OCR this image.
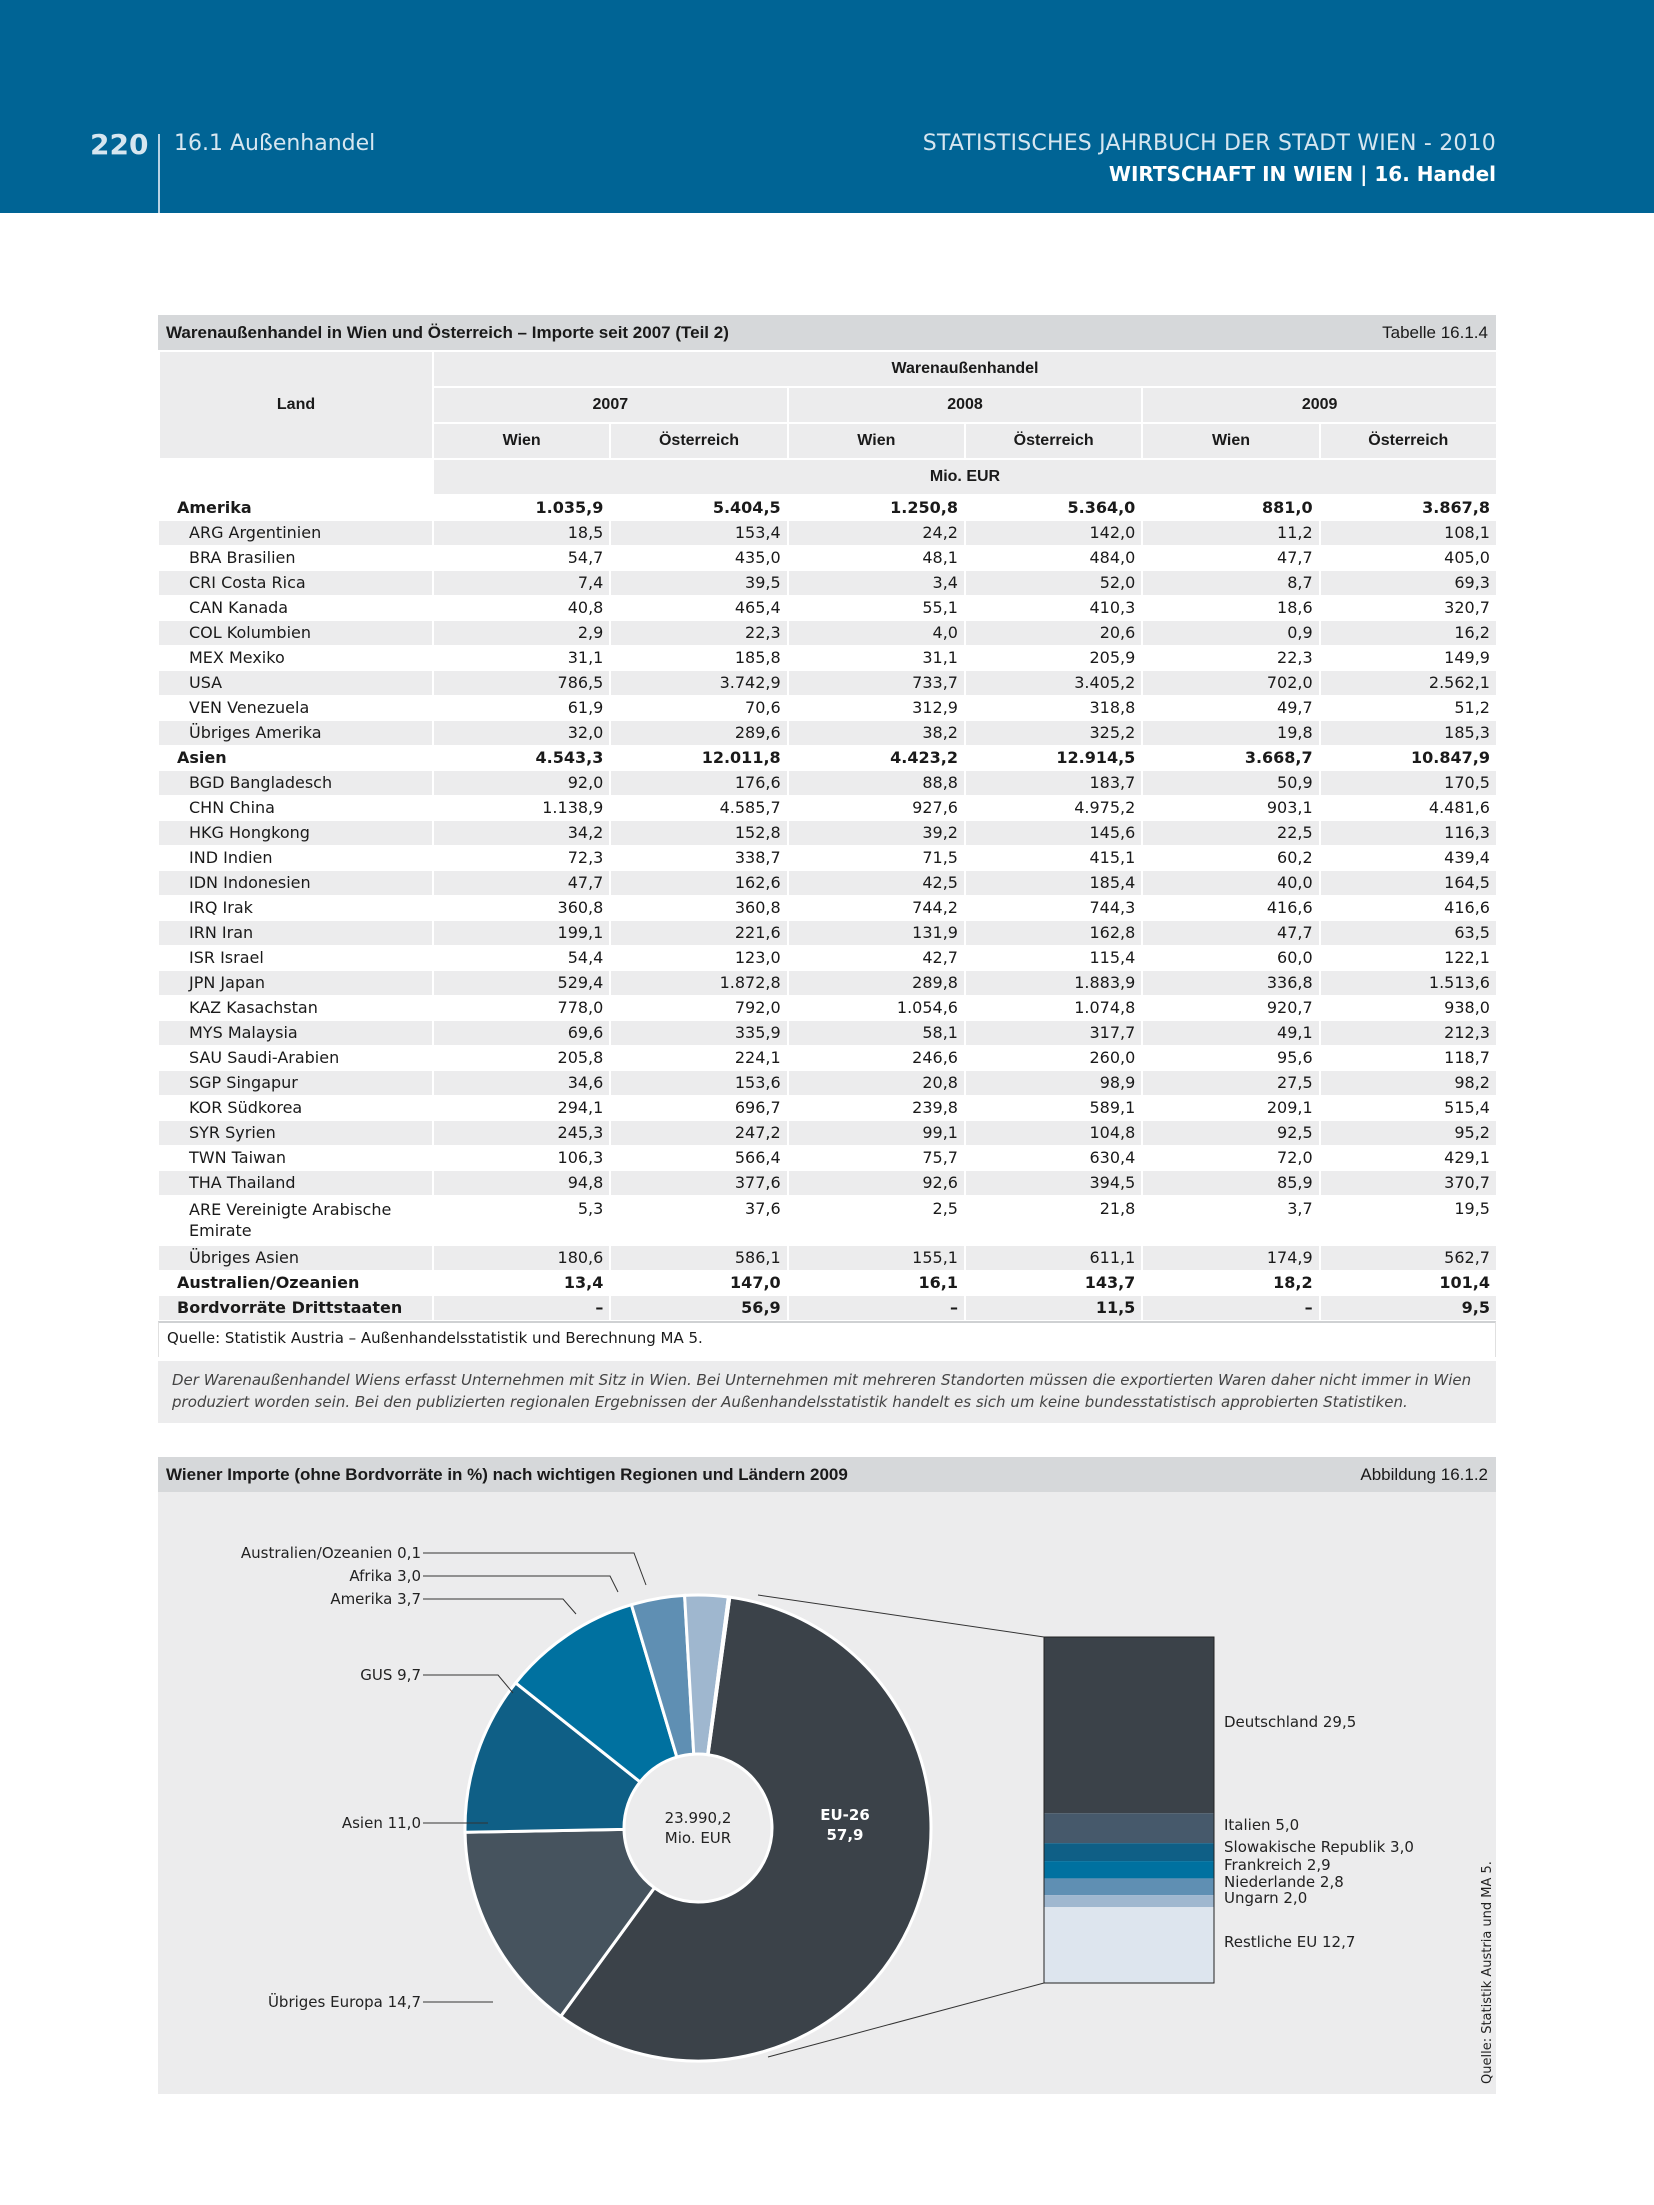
220 16.1 Außenhandel	STATISTISCHES JAHRBUCH DER STADT WIEN - 2010
WIRTSCHAFT IN WIEN | 16. Handel
Warenaußenhandel in Wien und Österreich – Importe seit 2007 (Teil 2)	Tabelle 16.1.4
Land	Warenaußenhandel					
	2007		2008		2009	
	Wien	Österreich	Wien	Österreich	Wien	Österreich
	Mio. EUR					
Amerika	1.035,9	5.404,5	1.250,8	5.364,0	881,0	3.867,8
ARG Argentinien	18,5	153,4	24,2	142,0	11,2	108,1
BRA Brasilien	54,7	435,0	48,1	484,0	47,7	405,0
CRI Costa Rica	7,4	39,5	3,4	52,0	8,7	69,3
CAN Kanada	40,8	465,4	55,1	410,3	18,6	320,7
COL Kolumbien	2,9	22,3	4,0	20,6	0,9	16,2
MEX Mexiko	31,1	185,8	31,1	205,9	22,3	149,9
USA	786,5	3.742,9	733,7	3.405,2	702,0	2.562,1
VEN Venezuela	61,9	70,6	312,9	318,8	49,7	51,2
Übriges Amerika	32,0	289,6	38,2	325,2	19,8	185,3
Asien	4.543,3	12.011,8	4.423,2	12.914,5	3.668,7	10.847,9
BGD Bangladesch	92,0	176,6	88,8	183,7	50,9	170,5
CHN China	1.138,9	4.585,7	927,6	4.975,2	903,1	4.481,6
HKG Hongkong	34,2	152,8	39,2	145,6	22,5	116,3
IND Indien	72,3	338,7	71,5	415,1	60,2	439,4
IDN Indonesien	47,7	162,6	42,5	185,4	40,0	164,5
IRQ Irak	360,8	360,8	744,2	744,3	416,6	416,6
IRN Iran	199,1	221,6	131,9	162,8	47,7	63,5
ISR Israel	54,4	123,0	42,7	115,4	60,0	122,1
JPN Japan	529,4	1.872,8	289,8	1.883,9	336,8	1.513,6
KAZ Kasachstan	778,0	792,0	1.054,6	1.074,8	920,7	938,0
MYS Malaysia	69,6	335,9	58,1	317,7	49,1	212,3
SAU Saudi-Arabien	205,8	224,1	246,6	260,0	95,6	118,7
SGP Singapur	34,6	153,6	20,8	98,9	27,5	98,2
KOR Südkorea	294,1	696,7	239,8	589,1	209,1	515,4
SYR Syrien	245,3	247,2	99,1	104,8	92,5	95,2
TWN Taiwan	106,3	566,4	75,7	630,4	72,0	429,1
THA Thailand	94,8	377,6	92,6	394,5	85,9	370,7
ARE Vereinigte Arabische Emirate	5,3	37,6	2,5	21,8	3,7	19,5
Übriges Asien	180,6	586,1	155,1	611,1	174,9	562,7
Australien/Ozeanien	13,4	147,0	16,1	143,7	18,2	101,4
Bordvorräte Drittstaaten	–	56,9	–	11,5	–	9,5
Quelle: Statistik Austria – Außenhandelsstatistik und Berechnung MA 5.
Der Warenaußenhandel Wiens erfasst Unternehmen mit Sitz in Wien. Bei Unternehmen mit mehreren Standorten müssen die exportierten Waren daher nicht immer in Wien produziert worden sein. Bei den publizierten regionalen Ergebnissen der Außenhandelsstatistik handelt es sich um keine bundesstatistisch approbierten Statistiken.
Wiener Importe (ohne Bordvorräte in %) nach wichtigen Regionen und Ländern 2009	Abbildung 16.1.2
EU-26
57,9
23.990,2
Mio. EUR
Übriges Europa 14,7
Asien 11,0
GUS 9,7
Amerika 3,7
Afrika 3,0
Australien/Ozeanien 0,1
Deutschland 29,5
Italien 5,0
Slowakische Republik 3,0
Frankreich 2,9
Niederlande 2,8
Ungarn 2,0
Restliche EU 12,7	Quelle: Statistik Austria und MA 5.
